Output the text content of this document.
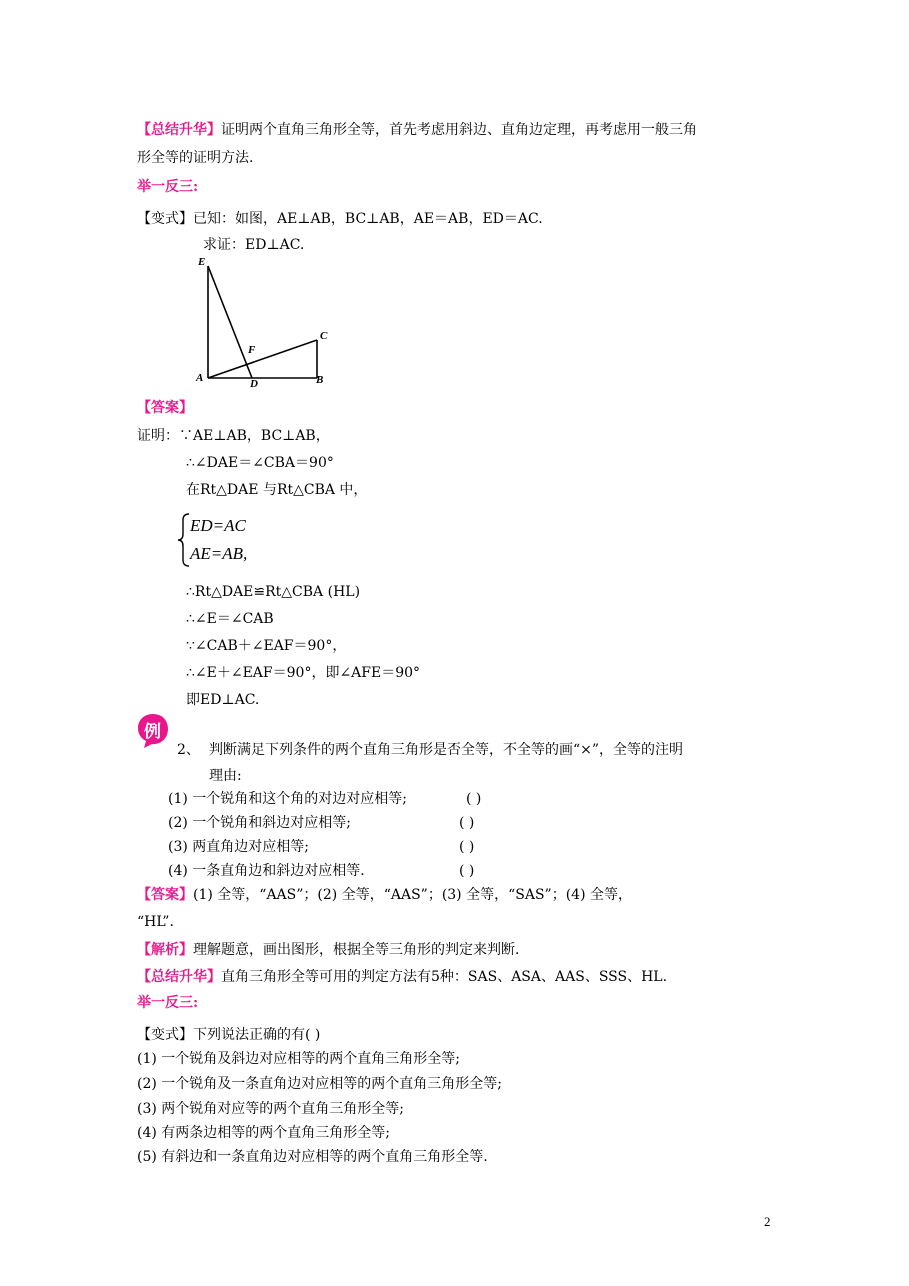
【总结升华】证明两个直角三角形全等，首先考虑用斜边、直角边定理，再考虑用一般三角
形全等的证明方法.
举一反三:
【变式】已知：如图，AE⊥AB，BC⊥AB，AE＝AB，ED＝AC.
求证：ED⊥AC.
E
F
C
A	D	B
【答案】
证明：∵AE⊥AB，BC⊥AB，
∴∠DAE＝∠CBA＝90°
在Rt△DAE 与Rt△CBA 中，
ED=AC
AE=AB,
∴Rt△DAE≌Rt△CBA (HL)
∴∠E＝∠CAB
∵∠CAB＋∠EAF＝90°，
∴∠E＋∠EAF＝90°，即∠AFE＝90°
即ED⊥AC.
例
2、 判断满足下列条件的两个直角三角形是否全等，不全等的画“×”，全等的注明
理由:
(1) 一个锐角和这个角的对边对应相等;	( )
(2) 一个锐角和斜边对应相等;	( )
(3) 两直角边对应相等;	( )
(4) 一条直角边和斜边对应相等.	( )
【答案】(1) 全等，“AAS”；(2) 全等，“AAS”；(3) 全等，“SAS”；(4) 全等，
“HL”.
【解析】理解题意，画出图形，根据全等三角形的判定来判断.
【总结升华】直角三角形全等可用的判定方法有5种：SAS、ASA、AAS、SSS、HL.
举一反三:
【变式】下列说法正确的有( )
(1) 一个锐角及斜边对应相等的两个直角三角形全等;
(2) 一个锐角及一条直角边对应相等的两个直角三角形全等;
(3) 两个锐角对应等的两个直角三角形全等;
(4) 有两条边相等的两个直角三角形全等;
(5) 有斜边和一条直角边对应相等的两个直角三角形全等.
2
